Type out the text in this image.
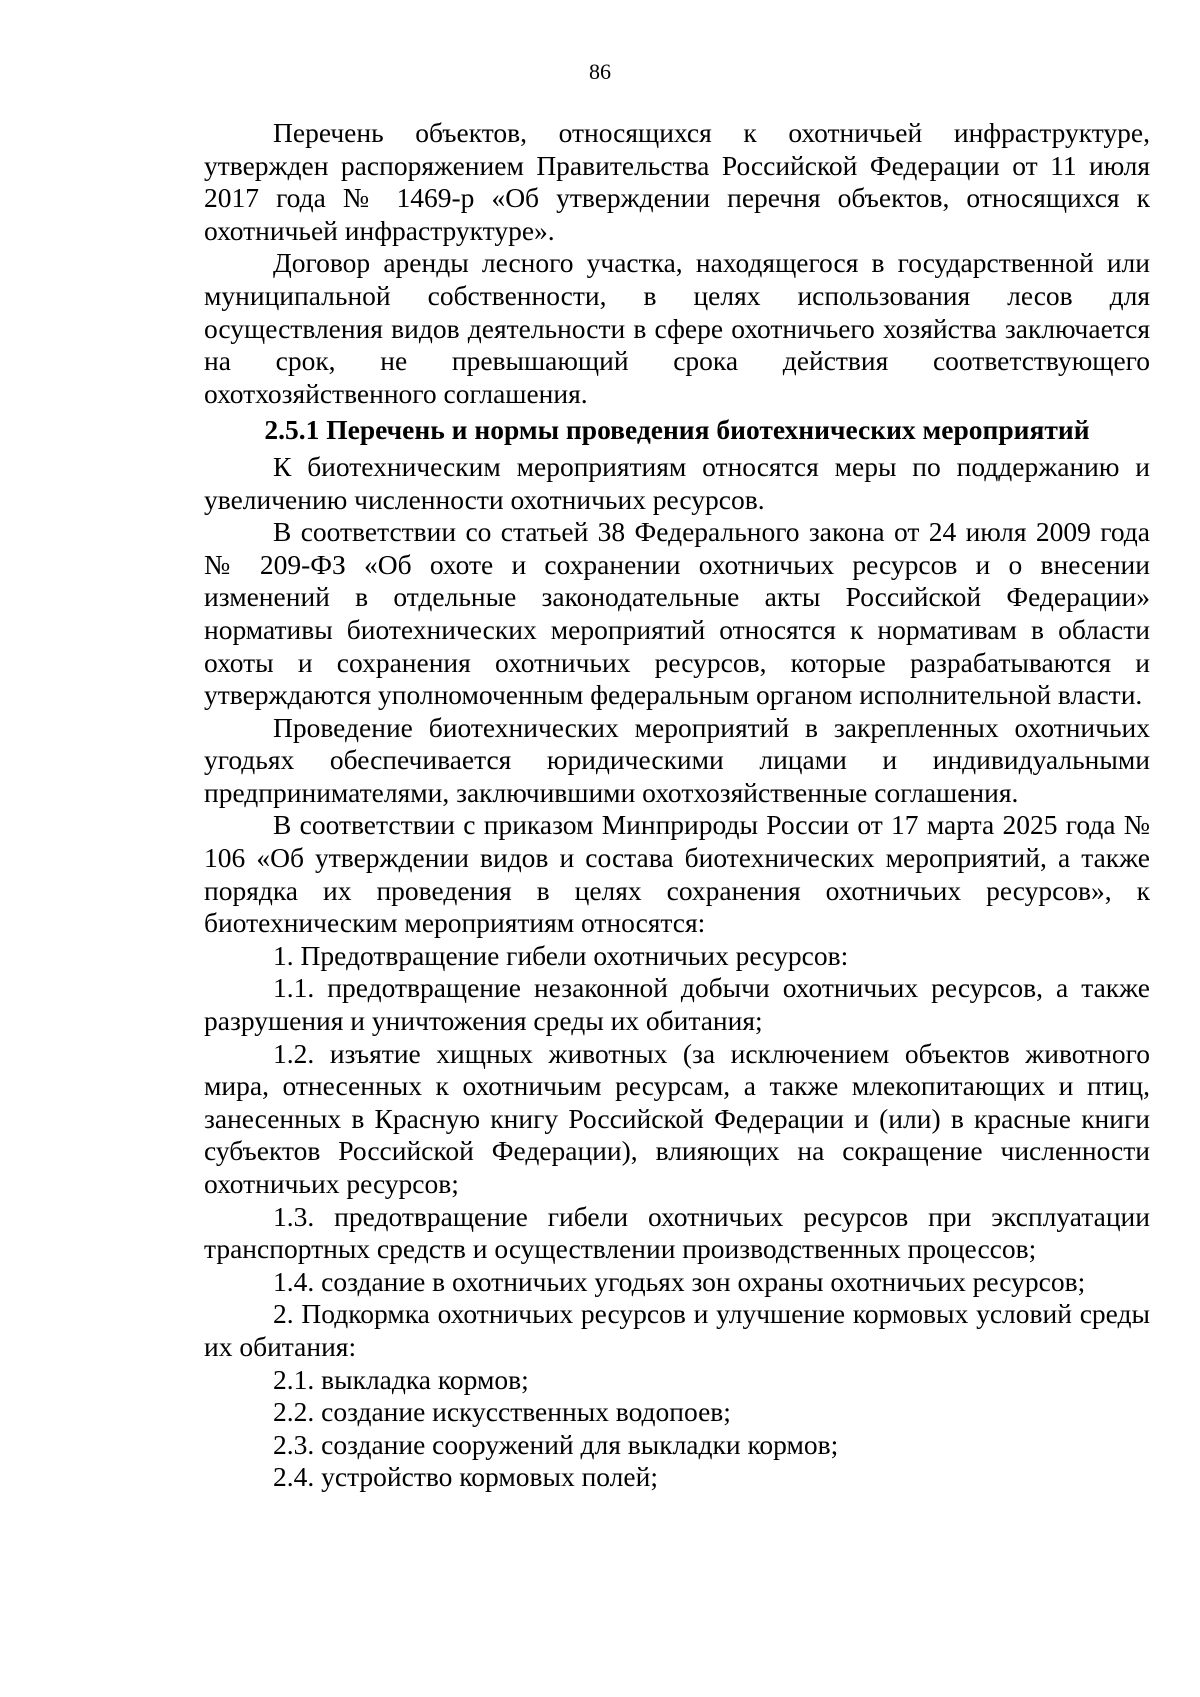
86

Перечень объектов, относящихся к охотничьей инфраструктуре, утвержден распоряжением Правительства Российской Федерации от 11 июля 2017 года № 1469-р «Об утверждении перечня объектов, относящихся к охотничьей инфраструктуре».

Договор аренды лесного участка, находящегося в государственной или муниципальной собственности, в целях использования лесов для осуществления видов деятельности в сфере охотничьего хозяйства заключается на срок, не превышающий срока действия соответствующего охотхозяйственного соглашения.

2.5.1 Перечень и нормы проведения биотехнических мероприятий

К биотехническим мероприятиям относятся меры по поддержанию и увеличению численности охотничьих ресурсов.

В соответствии со статьей 38 Федерального закона от 24 июля 2009 года № 209-ФЗ «Об охоте и сохранении охотничьих ресурсов и о внесении изменений в отдельные законодательные акты Российской Федерации» нормативы биотехнических мероприятий относятся к нормативам в области охоты и сохранения охотничьих ресурсов, которые разрабатываются и утверждаются уполномоченным федеральным органом исполнительной власти.

Проведение биотехнических мероприятий в закрепленных охотничьих угодьях обеспечивается юридическими лицами и индивидуальными предпринимателями, заключившими охотхозяйственные соглашения.

В соответствии с приказом Минприроды России от 17 марта 2025 года № 106 «Об утверждении видов и состава биотехнических мероприятий, а также порядка их проведения в целях сохранения охотничьих ресурсов», к биотехническим мероприятиям относятся:

1. Предотвращение гибели охотничьих ресурсов:

1.1. предотвращение незаконной добычи охотничьих ресурсов, а также разрушения и уничтожения среды их обитания;

1.2. изъятие хищных животных (за исключением объектов животного мира, отнесенных к охотничьим ресурсам, а также млекопитающих и птиц, занесенных в Красную книгу Российской Федерации и (или) в красные книги субъектов Российской Федерации), влияющих на сокращение численности охотничьих ресурсов;

1.3. предотвращение гибели охотничьих ресурсов при эксплуатации транспортных средств и осуществлении производственных процессов;

1.4. создание в охотничьих угодьях зон охраны охотничьих ресурсов;

2. Подкормка охотничьих ресурсов и улучшение кормовых условий среды их обитания:

2.1. выкладка кормов;

2.2. создание искусственных водопоев;

2.3. создание сооружений для выкладки кормов;

2.4. устройство кормовых полей;
